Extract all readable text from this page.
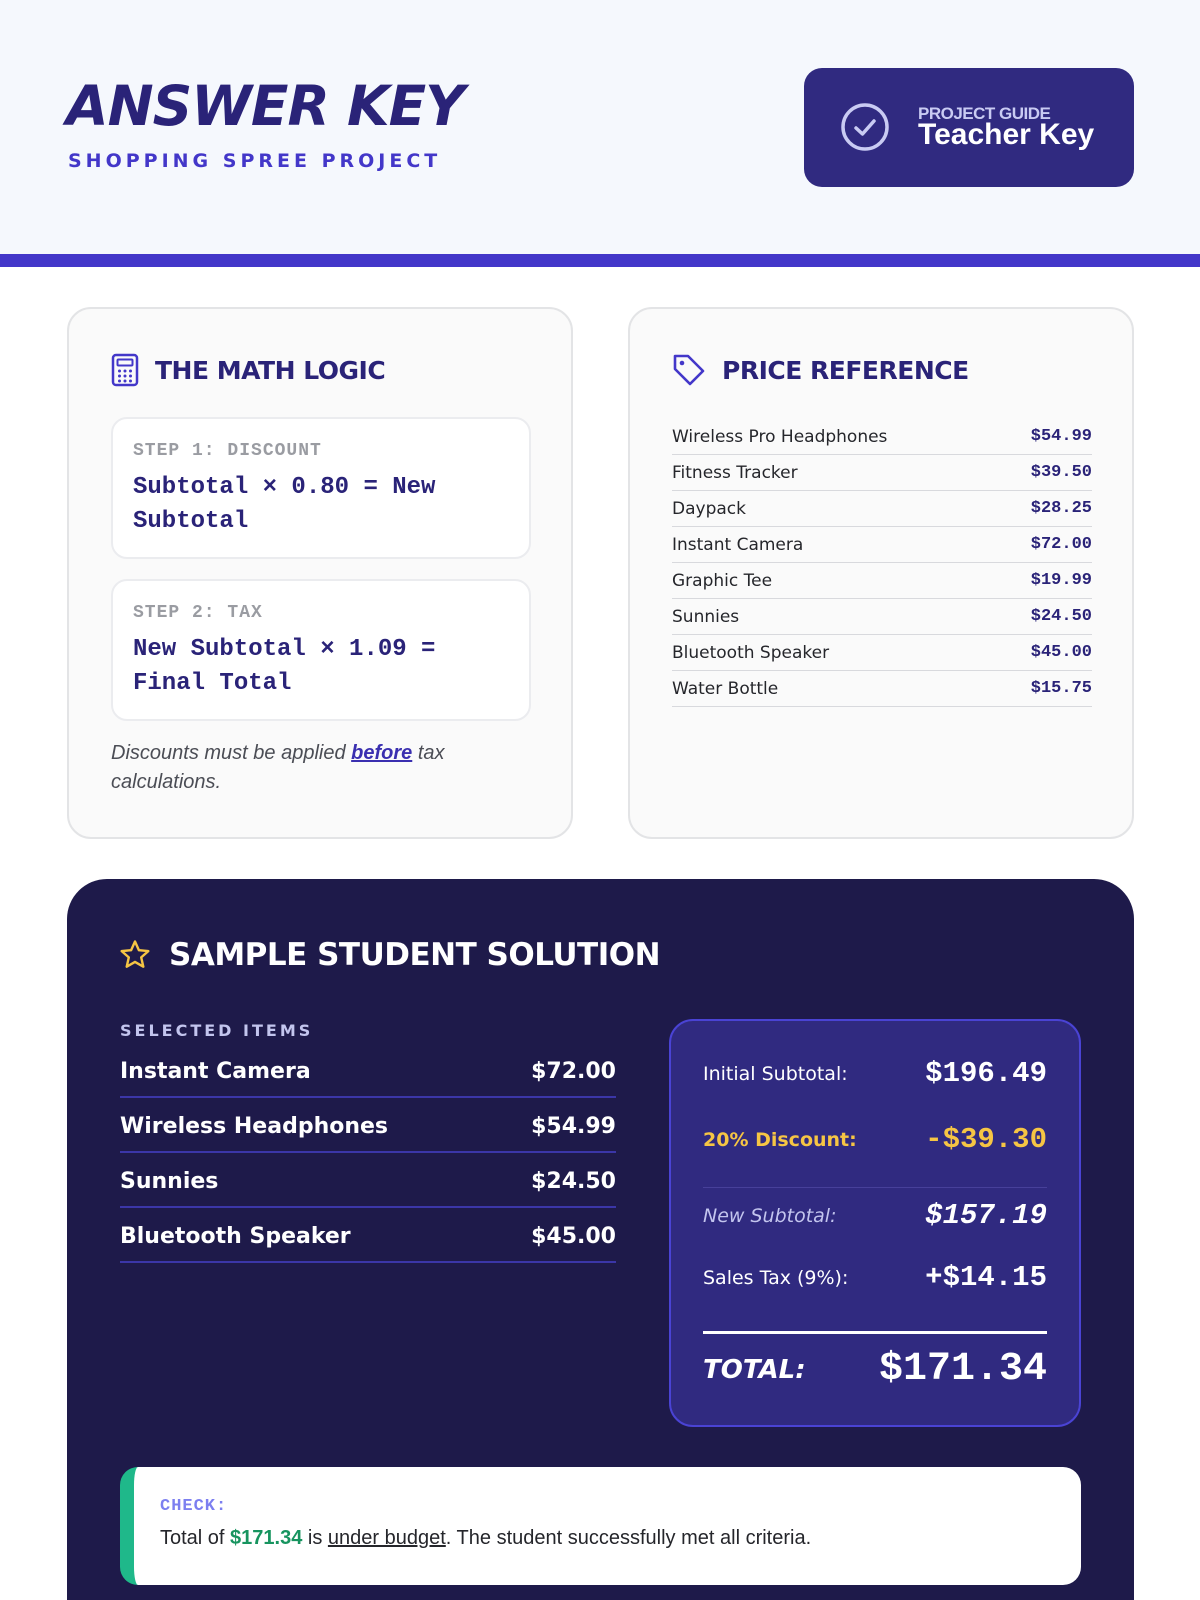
ANSWER KEY
SHOPPING SPREE PROJECT
PROJECT GUIDE
Teacher Key
THE MATH LOGIC
STEP 1: DISCOUNT
Subtotal × 0.80 = New Subtotal
STEP 2: TAX
New Subtotal × 1.09 = Final Total
Discounts must be applied before tax calculations.
PRICE REFERENCE
Wireless Pro Headphones	$54.99
Fitness Tracker	$39.50
Daypack	$28.25
Instant Camera	$72.00
Graphic Tee	$19.99
Sunnies	$24.50
Bluetooth Speaker	$45.00
Water Bottle	$15.75
SAMPLE STUDENT SOLUTION
SELECTED ITEMS
Instant Camera	$72.00
Wireless Headphones	$54.99
Sunnies	$24.50
Bluetooth Speaker	$45.00
Initial Subtotal:	$196.49
20% Discount: -$39.30
New Subtotal:	$157.19
Sales Tax (9%):	+$14.15
TOTAL: $171.34
CHECK:
Total of $171.34 is under budget. The student successfully met all criteria.
